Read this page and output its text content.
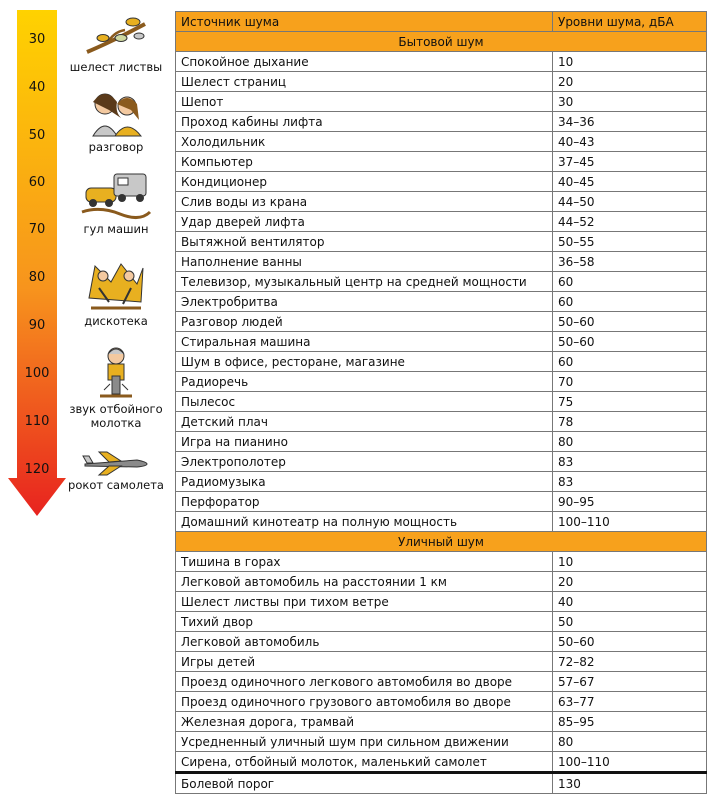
30
40
50
60
70
80
90
100
110
120
шелест листвы
разговор
гул машин
дискотека
звук отбойного молотка
рокот самолета
Источник шума	Уровни шума, дБА
Бытовой шум	
Спокойное дыхание	10
Шелест страниц	20
Шепот	30
Проход кабины лифта	34–36
Холодильник	40–43
Компьютер	37–45
Кондиционер	40–45
Слив воды из крана	44–50
Удар дверей лифта	44–52
Вытяжной вентилятор	50–55
Наполнение ванны	36–58
Телевизор, музыкальный центр на средней мощности	60
Электробритва	60
Разговор людей	50–60
Стиральная машина	50–60
Шум в офисе, ресторане, магазине	60
Радиоречь	70
Пылесос	75
Детский плач	78
Игра на пианино	80
Электрополотер	83
Радиомузыка	83
Перфоратор	90–95
Домашний кинотеатр на полную мощность	100–110
Уличный шум	
Тишина в горах	10
Легковой автомобиль на расстоянии 1 км	20
Шелест листвы при тихом ветре	40
Тихий двор	50
Легковой автомобиль	50–60
Игры детей	72–82
Проезд одиночного легкового автомобиля во дворе	57–67
Проезд одиночного грузового автомобиля во дворе	63–77
Железная дорога, трамвай	85–95
Усредненный уличный шум при сильном движении	80
Сирена, отбойный молоток, маленький самолет	100–110
Болевой порог	130
